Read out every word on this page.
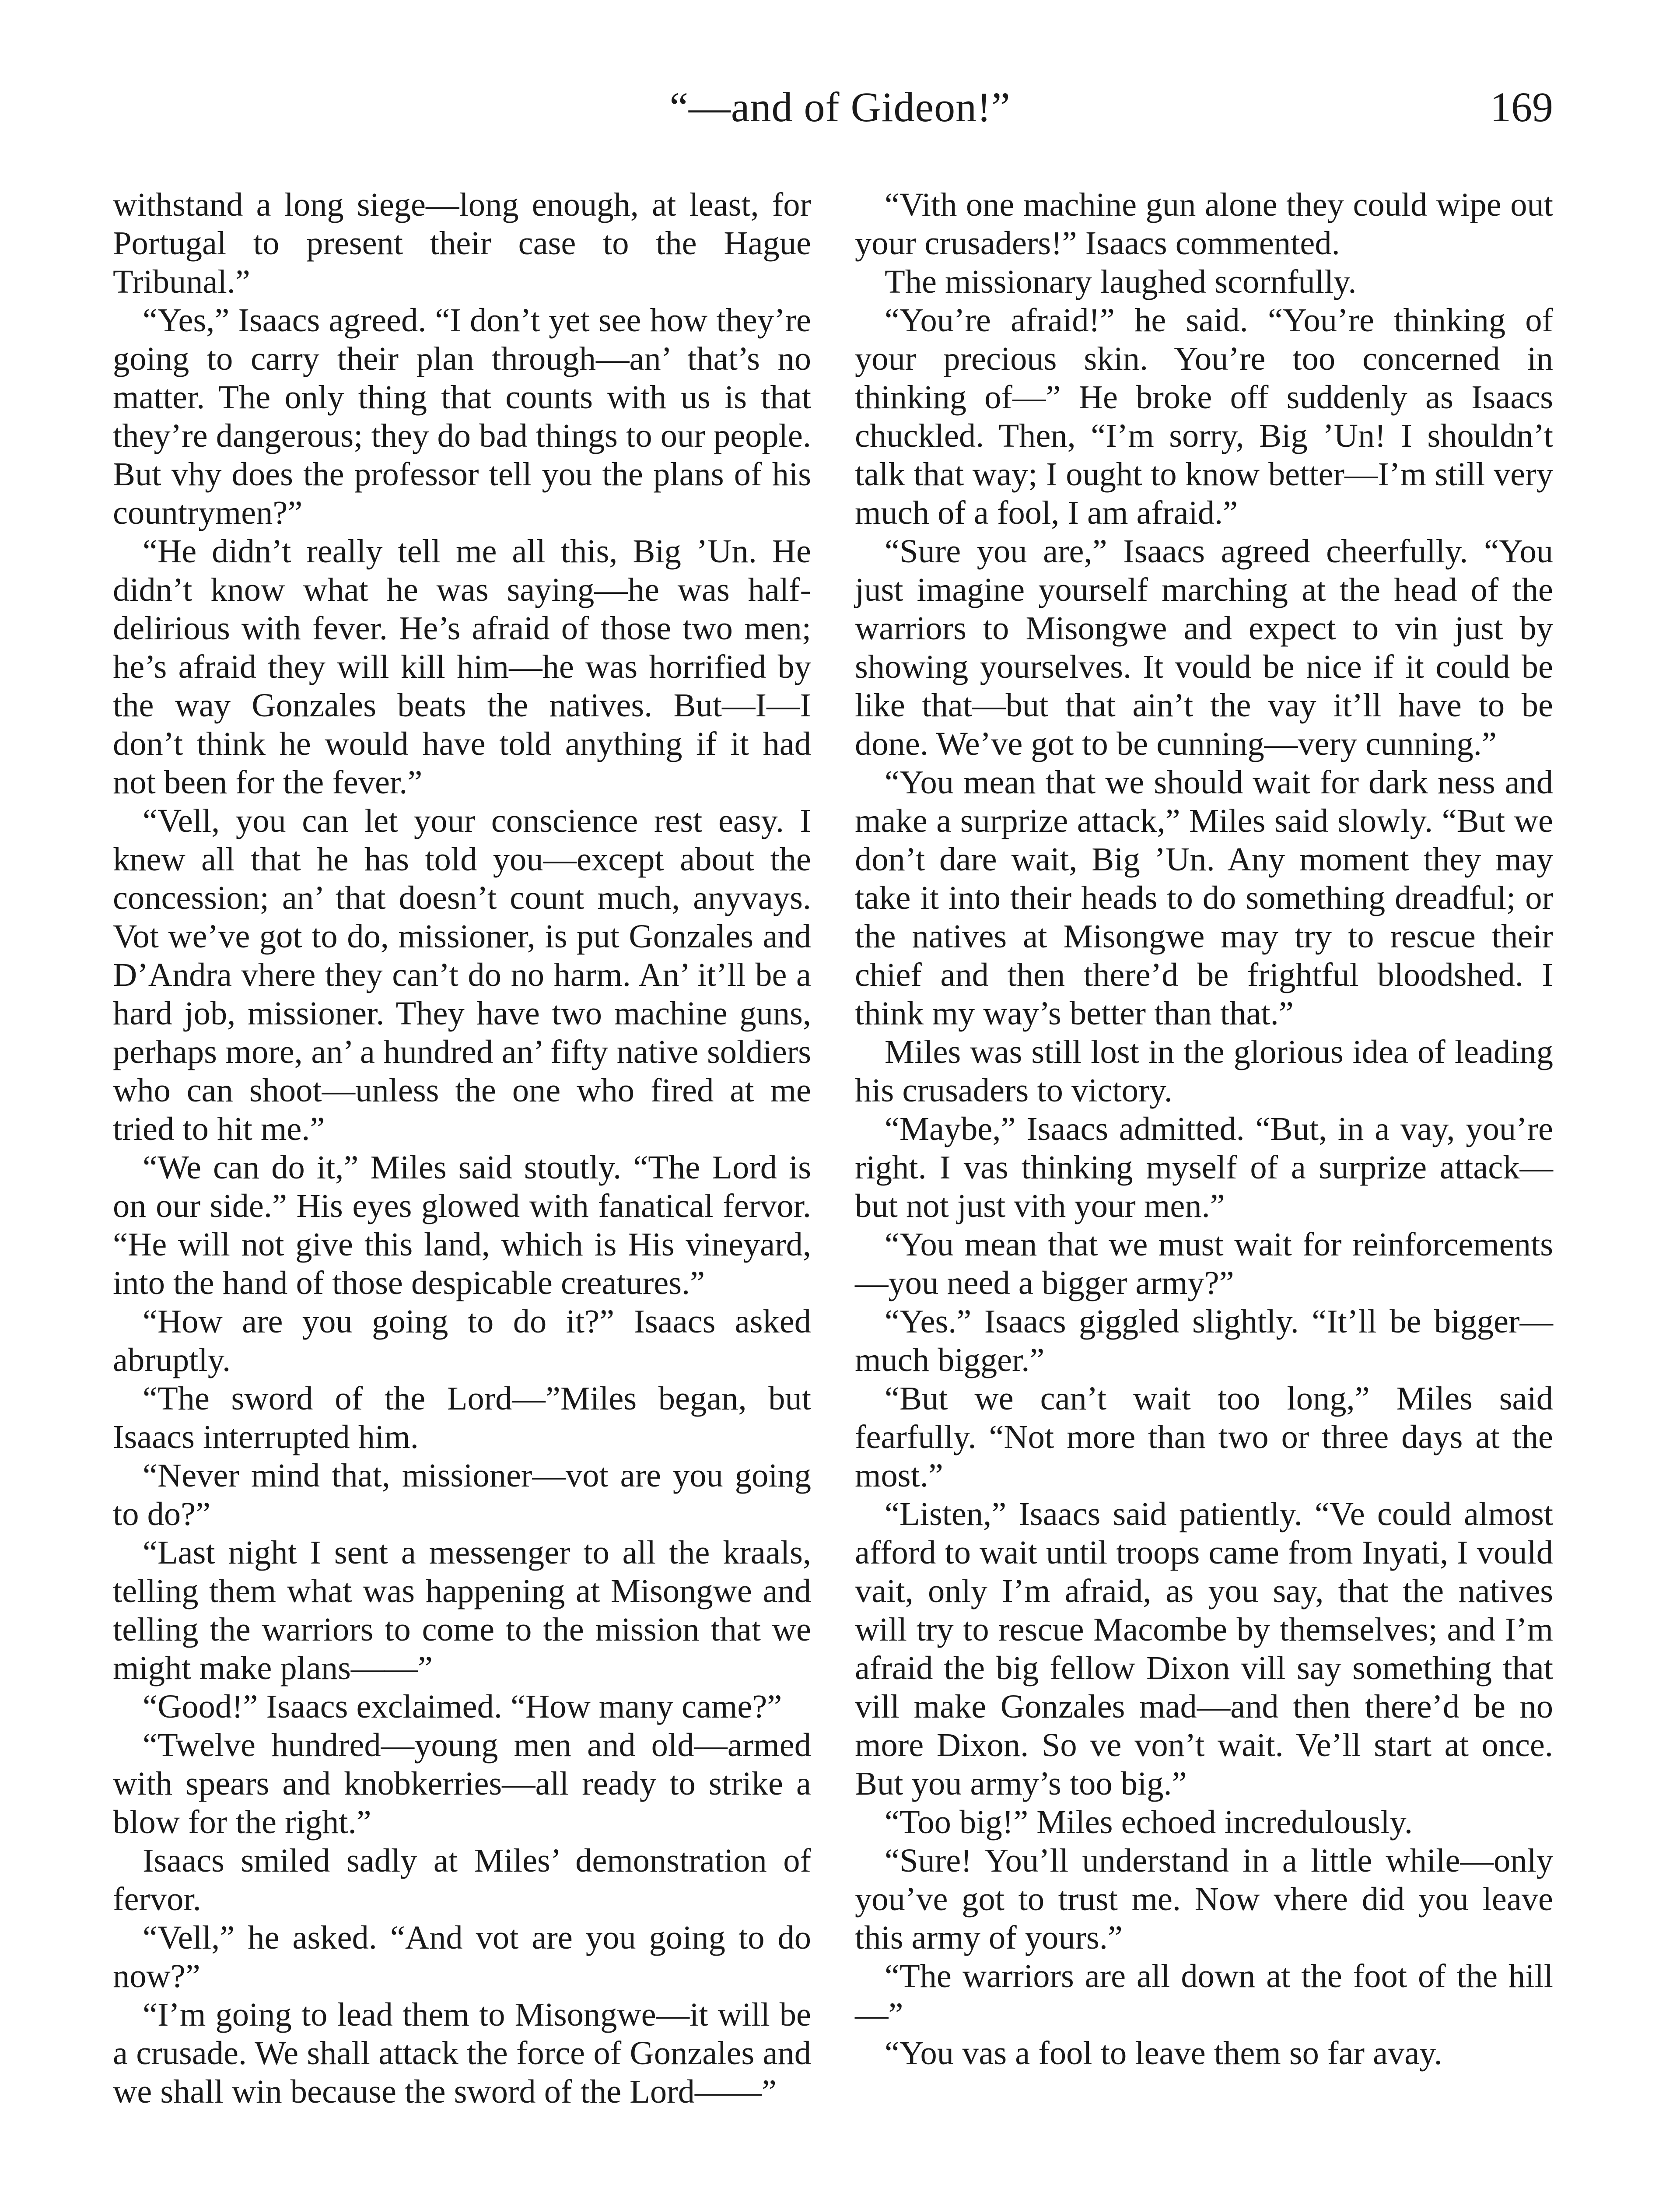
“—and of Gideon!”	169

withstand a long siege—long enough, at least, for Portugal to present their case to the Hague Tribunal.”

“Yes,” Isaacs agreed. “I don’t yet see how they’re going to carry their plan through—an’ that’s no matter. The only thing that counts with us is that they’re dangerous; they do bad things to our people. But vhy does the professor tell you the plans of his countrymen?”

“He didn’t really tell me all this, Big ’Un. He didn’t know what he was saying—he was half-delirious with fever. He’s afraid of those two men; he’s afraid they will kill him—he was horrified by the way Gonzales beats the natives. But—I—I don’t think he would have told anything if it had not been for the fever.”

“Vell, you can let your conscience rest easy. I knew all that he has told you—except about the concession; an’ that doesn’t count much, anyvays. Vot we’ve got to do, missioner, is put Gonzales and D’Andra vhere they can’t do no harm. An’ it’ll be a hard job, missioner. They have two machine guns, perhaps more, an’ a hundred an’ fifty native soldiers who can shoot—unless the one who fired at me tried to hit me.”

“We can do it,” Miles said stoutly. “The Lord is on our side.” His eyes glowed with fanatical fervor. “He will not give this land, which is His vineyard, into the hand of those despicable creatures.”

“How are you going to do it?” Isaacs asked abruptly.

“The sword of the Lord—”Miles began, but Isaacs interrupted him.

“Never mind that, missioner—vot are you going to do?”

“Last night I sent a messenger to all the kraals, telling them what was happening at Misongwe and telling the warriors to come to the mission that we might make plans——”

“Good!” Isaacs exclaimed. “How many came?”

“Twelve hundred—young men and old—armed with spears and knobkerries—all ready to strike a blow for the right.”

Isaacs smiled sadly at Miles’ demonstration of fervor.

“Vell,” he asked. “And vot are you going to do now?”

“I’m going to lead them to Misongwe—it will be a crusade. We shall attack the force of Gonzales and we shall win because the sword of the Lord——”

“Vith one machine gun alone they could wipe out your crusaders!” Isaacs commented.

The missionary laughed scornfully.

“You’re afraid!” he said. “You’re thinking of your precious skin. You’re too concerned in thinking of—” He broke off suddenly as Isaacs chuckled. Then, “I’m sorry, Big ’Un! I shouldn’t talk that way; I ought to know better—I’m still very much of a fool, I am afraid.”

“Sure you are,” Isaacs agreed cheerfully. “You just imagine yourself marching at the head of the warriors to Misongwe and expect to vin just by showing yourselves. It vould be nice if it could be like that—but that ain’t the vay it’ll have to be done. We’ve got to be cunning—very cunning.”

“You mean that we should wait for dark ness and make a surprize attack,” Miles said slowly. “But we don’t dare wait, Big ’Un. Any moment they may take it into their heads to do something dreadful; or the natives at Misongwe may try to rescue their chief and then there’d be frightful bloodshed. I think my way’s better than that.”

Miles was still lost in the glorious idea of leading his crusaders to victory.

“Maybe,” Isaacs admitted. “But, in a vay, you’re right. I vas thinking myself of a surprize attack—but not just vith your men.”

“You mean that we must wait for reinforcements—you need a bigger army?”

“Yes.” Isaacs giggled slightly. “It’ll be bigger—much bigger.”

“But we can’t wait too long,” Miles said fearfully. “Not more than two or three days at the most.”

“Listen,” Isaacs said patiently. “Ve could almost afford to wait until troops came from Inyati, I vould vait, only I’m afraid, as you say, that the natives will try to rescue Macombe by themselves; and I’m afraid the big fellow Dixon vill say something that vill make Gonzales mad—and then there’d be no more Dixon. So ve von’t wait. Ve’ll start at once. But you army’s too big.”

“Too big!” Miles echoed incredulously.

“Sure! You’ll understand in a little while—only you’ve got to trust me. Now vhere did you leave this army of yours.”

“The warriors are all down at the foot of the hill—”

“You vas a fool to leave them so far avay.
